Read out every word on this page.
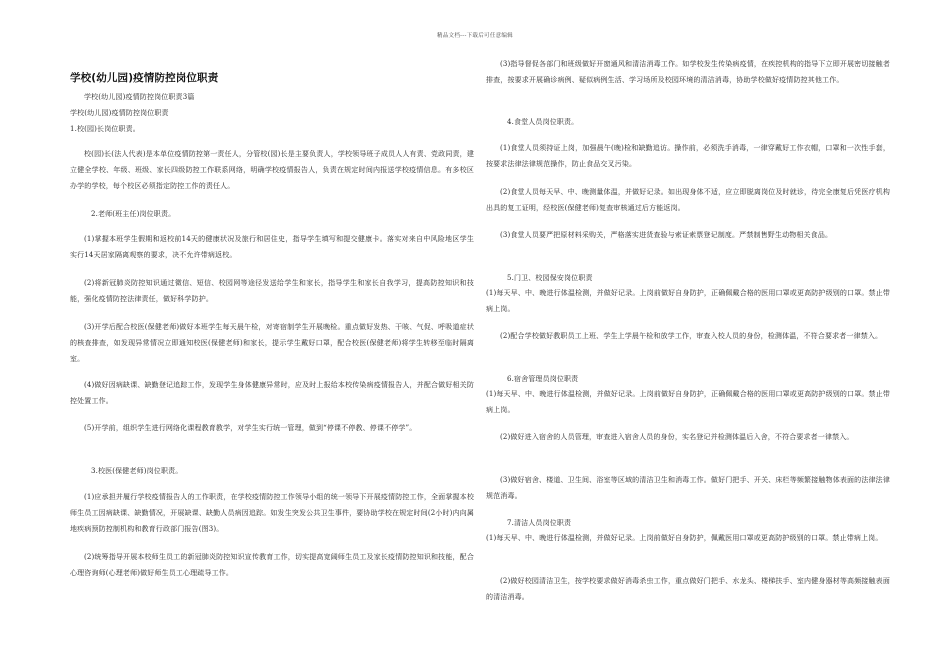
精品文档---下载后可任意编辑

学校(幼儿园)疫情防控岗位职责

学校(幼儿园)疫情防控岗位职责3篇

学校(幼儿园)疫情防控岗位职责

1.校(园)长岗位职责。

校(园)长(法人代表)是本单位疫情防控第一责任人，分管校(园)长是主要负责人，学校领导班子成员人人有责、党政同责，建立健全学校、年级、班级、家长四级防控工作联系网络，明确学校疫情报告人，负责在规定时间内报送学校疫情信息。有多校区办学的学校，每个校区必须指定防控工作的责任人。

2.老师(班主任)岗位职责。

(1)掌握本班学生假期和返校前14天的健康状况及旅行和居住史，指导学生填写和提交健康卡。落实对来自中风险地区学生实行14天居家隔离观察的要求，决不允许带病返校。

(2)将新冠肺炎防控知识通过微信、短信、校园网等途径发送给学生和家长，指导学生和家长自我学习，提高防控知识和技能，强化疫情防控法律责任，做好科学防护。

(3)开学后配合校医(保健老师)做好本班学生每天晨午检，对寄宿制学生开展晚检。重点做好发热、干咳、气促、呼吸道症状的核查排查，如发现异常情况立即通知校医(保健老师)和家长，提示学生戴好口罩，配合校医(保健老师)将学生转移至临时隔离室。

(4)做好因病缺课、缺勤登记追踪工作，发现学生身体健康异常时，应及时上报给本校传染病疫情报告人，并配合做好相关防控处置工作。

(5)开学前，组织学生进行网络化课程教育教学，对学生实行统一管理，做到“停课不停教、停课不停学”。

3.校医(保健老师)岗位职责。

(1)应承担并履行学校疫情报告人的工作职责，在学校疫情防控工作领导小组的统一领导下开展疫情防控工作，全面掌握本校师生员工因病缺课、缺勤情况，开展缺课、缺勤人员病因追踪。如发生突发公共卫生事件，要协助学校在规定时间(2小时)内向属地疾病预防控制机构和教育行政部门报告(图3)。

(2)统筹指导开展本校师生员工的新冠肺炎防控知识宣传教育工作，切实提高宽阔师生员工及家长疫情防控知识和技能，配合心理咨询师(心理老师)做好师生员工心理疏导工作。

(3)指导督促各部门和班级做好开窗通风和清洁消毒工作。如学校发生传染病疫情，在疾控机构的指导下立即开展密切接触者排查，按要求开展确诊病例、疑似病例生活、学习场所及校园环境的清洁消毒，协助学校做好疫情防控其他工作。

4.食堂人员岗位职责。

(1)食堂人员须持证上岗，加强晨午(晚)检和缺勤追访。操作前，必须洗手消毒，一律穿戴好工作衣帽，口罩和一次性手套，按要求法律法律规范操作，防止食品交叉污染。

(2)食堂人员每天早、中、晚测量体温，并做好记录。如出现身体不适，应立即脱离岗位及时就诊，待完全康复后凭医疗机构出具的复工证明，经校医(保健老师)复查审核通过后方能返岗。

(3)食堂人员要严把原材料采购关，严格落实进货查验与索证索票登记制度。严禁制售野生动物相关食品。

5.门卫、校园保安岗位职责

(1)每天早、中、晚进行体温检测，并做好记录。上岗前做好自身防护，正确佩戴合格的医用口罩或更高防护级别的口罩。禁止带病上岗。

(2)配合学校做好教职员工上班、学生上学晨午检和放学工作，审查入校人员的身份，检测体温，不符合要求者一律禁入。

6.宿舍管理员岗位职责

(1)每天早、中、晚进行体温检测，并做好记录。上岗前做好自身防护，正确佩戴合格的医用口罩或更高防护级别的口罩。禁止带病上岗。

(2)做好进入宿舍的人员管理，审查进入宿舍人员的身份，实名登记并检测体温后入舍，不符合要求者一律禁入。

(3)做好宿舍、楼道、卫生间、浴室等区域的清洁卫生和消毒工作。做好门把手、开关、床栏等频繁接触物体表面的法律法律规范消毒。

7.清洁人员岗位职责

(1)每天早、中、晚进行体温检测，并做好记录。上岗前做好自身防护，佩戴医用口罩或更高防护级别的口罩。禁止带病上岗。

(2)做好校园清洁卫生，按学校要求做好消毒杀虫工作，重点做好门把手、水龙头、楼梯扶手、室内健身器材等高频接触表面的清洁消毒。
